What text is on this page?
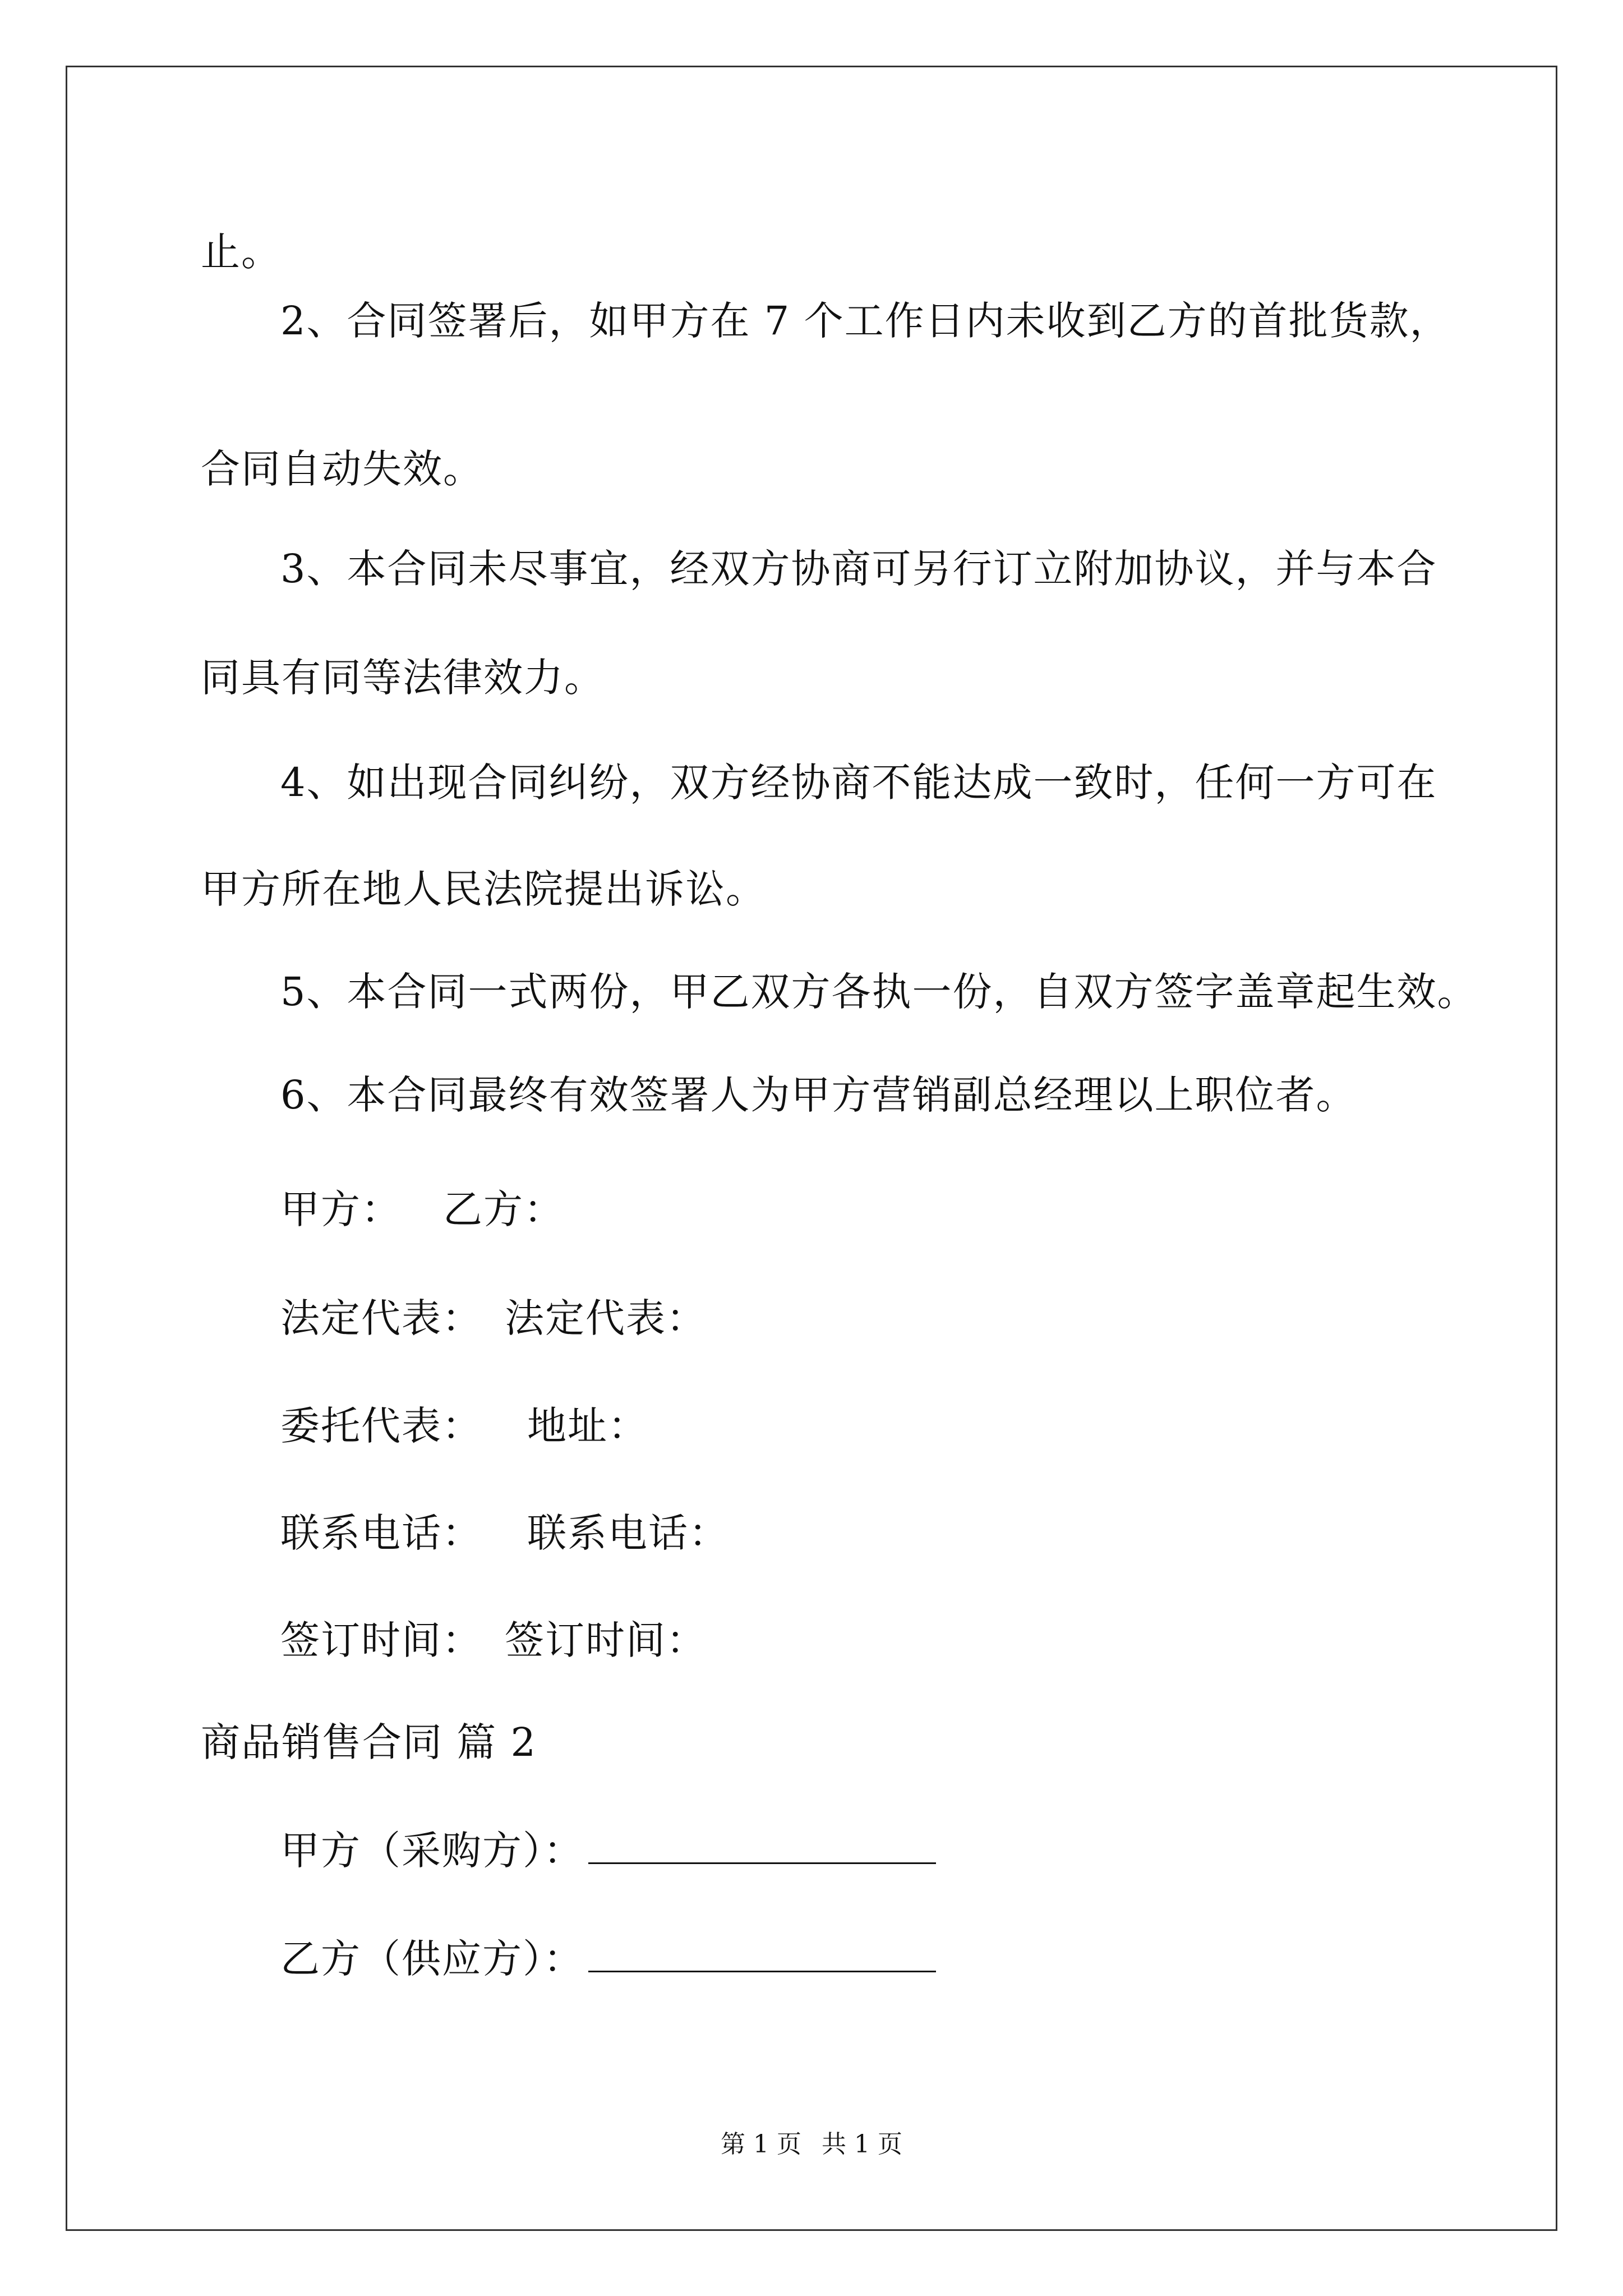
止。
2、合同签署后，如甲方在 7 个工作日内未收到乙方的首批货款，
合同自动失效。
3、本合同未尽事宜，经双方协商可另行订立附加协议，并与本合
同具有同等法律效力。
4、如出现合同纠纷，双方经协商不能达成一致时，任何一方可在
甲方所在地人民法院提出诉讼。
5、本合同一式两份，甲乙双方各执一份，自双方签字盖章起生效。
6、本合同最终有效签署人为甲方营销副总经理以上职位者。
甲方： 乙方：
法定代表： 法定代表：
委托代表： 地址：
联系电话： 联系电话：
签订时间： 签订时间：
商品销售合同 篇 2
甲方（采购方）：
乙方（供应方）：
第 1 页 共 1 页
